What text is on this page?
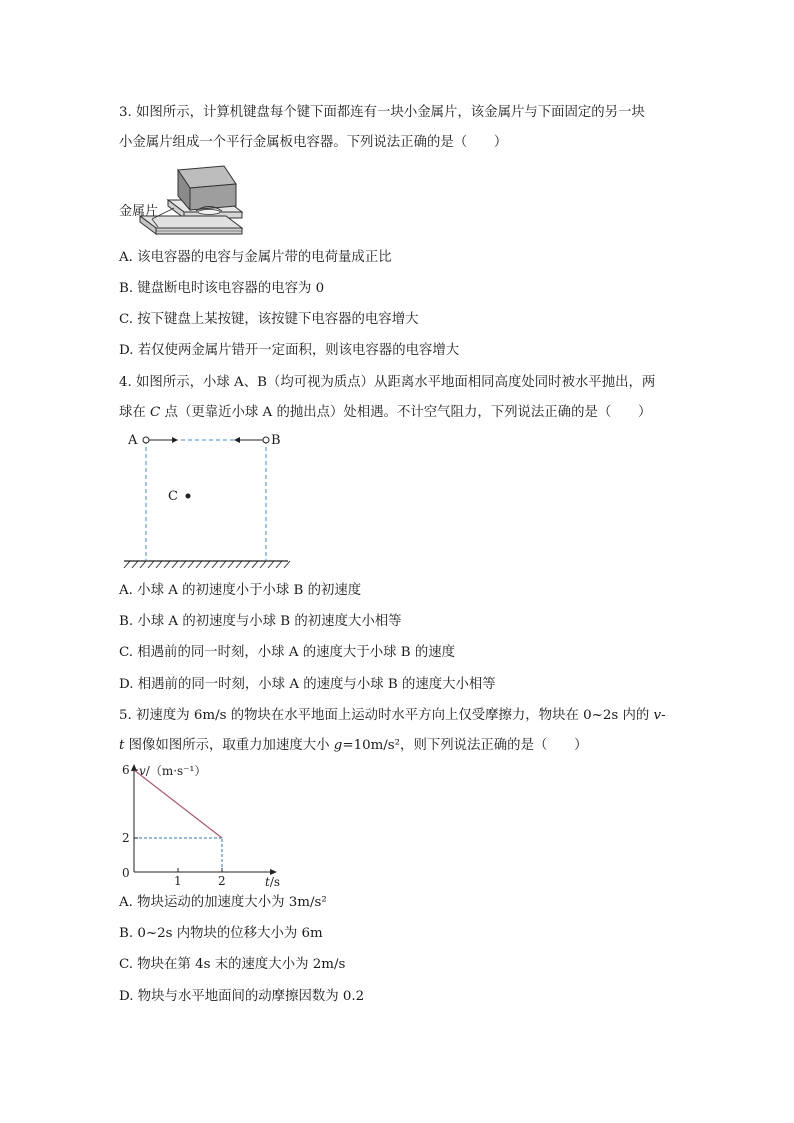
3. 如图所示，计算机键盘每个键下面都连有一块小金属片，该金属片与下面固定的另一块
小金属片组成一个平行金属板电容器。下列说法正确的是（　　）
金属片
A. 该电容器的电容与金属片带的电荷量成正比
B. 键盘断电时该电容器的电容为 0
C. 按下键盘上某按键，该按键下电容器的电容增大
D. 若仅使两金属片错开一定面积，则该电容器的电容增大
4. 如图所示，小球 A、B（均可视为质点）从距离水平地面相同高度处同时被水平抛出，两
球在 C 点（更靠近小球 A 的抛出点）处相遇。不计空气阻力，下列说法正确的是（　　）
A	B
C
A. 小球 A 的初速度小于小球 B 的初速度
B. 小球 A 的初速度与小球 B 的初速度大小相等
C. 相遇前的同一时刻，小球 A 的速度大于小球 B 的速度
D. 相遇前的同一时刻，小球 A 的速度与小球 B 的速度大小相等
5. 初速度为 6m/s 的物块在水平地面上运动时水平方向上仅受摩擦力，物块在 0~2s 内的 v-
t 图像如图所示，取重力加速度大小 g=10m/s²，则下列说法正确的是（　　）
1	2
2
6 v/（m·s⁻¹）
t/s
0
A. 物块运动的加速度大小为 3m/s²
B. 0~2s 内物块的位移大小为 6m
C. 物块在第 4s 末的速度大小为 2m/s
D. 物块与水平地面间的动摩擦因数为 0.2
